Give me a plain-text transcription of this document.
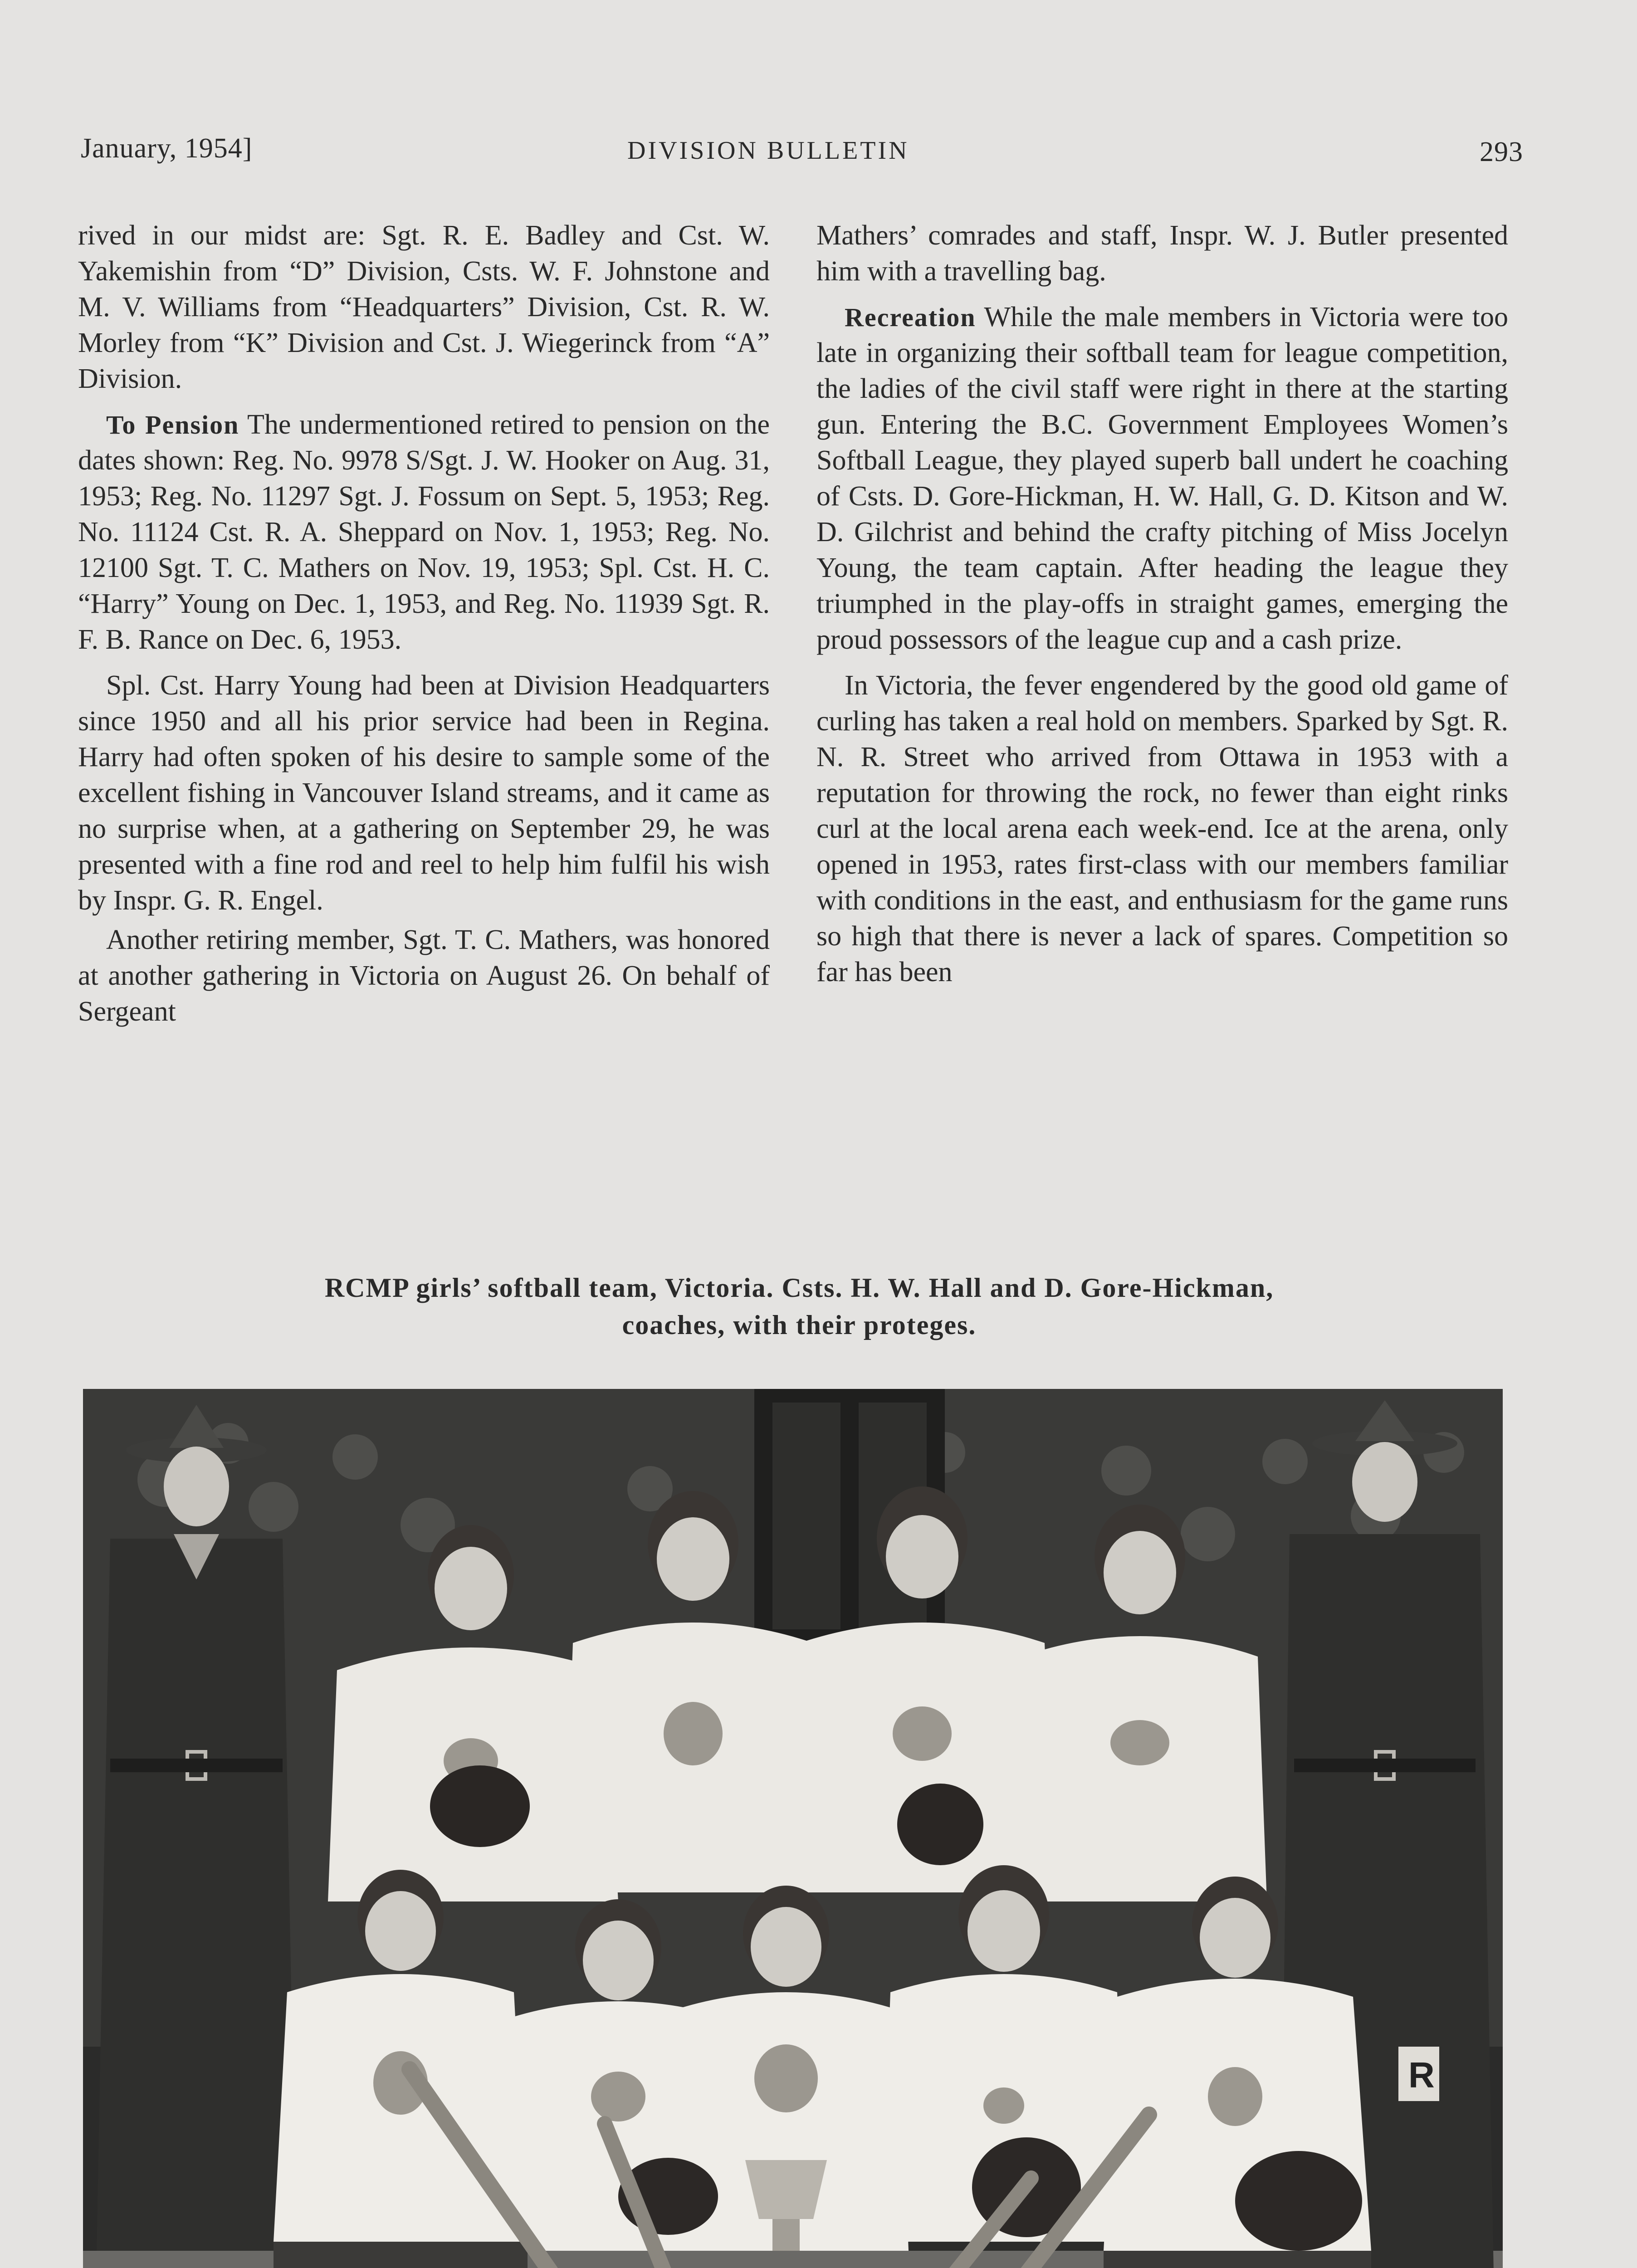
January, 1954]	DIVISION BULLETIN	293

rived in our midst are: Sgt. R. E. Badley and Cst. W. Yakemishin from “D” Division, Csts. W. F. Johnstone and M. V. Williams from “Headquarters” Division, Cst. R. W. Morley from “K” Division and Cst. J. Wiegerinck from “A” Division.

To Pension The undermentioned retired to pension on the dates shown: Reg. No. 9978 S/Sgt. J. W. Hooker on Aug. 31, 1953; Reg. No. 11297 Sgt. J. Fossum on Sept. 5, 1953; Reg. No. 11124 Cst. R. A. Sheppard on Nov. 1, 1953; Reg. No. 12100 Sgt. T. C. Mathers on Nov. 19, 1953; Spl. Cst. H. C. “Harry” Young on Dec. 1, 1953, and Reg. No. 11939 Sgt. R. F. B. Rance on Dec. 6, 1953.

Spl. Cst. Harry Young had been at Division Headquarters since 1950 and all his prior service had been in Regina. Harry had often spoken of his desire to sample some of the excellent fishing in Vancouver Island streams, and it came as no surprise when, at a gathering on September 29, he was presented with a fine rod and reel to help him fulfil his wish by Inspr. G. R. Engel.

Another retiring member, Sgt. T. C. Mathers, was honored at another gathering in Victoria on August 26. On behalf of Sergeant

Mathers’ comrades and staff, Inspr. W. J. Butler presented him with a travelling bag.

Recreation While the male members in Victoria were too late in organizing their softball team for league competition, the ladies of the civil staff were right in there at the starting gun. Entering the B.C. Government Employees Women’s Softball League, they played superb ball undert he coaching of Csts. D. Gore-Hickman, H. W. Hall, G. D. Kitson and W. D. Gilchrist and behind the crafty pitching of Miss Jocelyn Young, the team captain. After heading the league they triumphed in the play-offs in straight games, emerging the proud possessors of the league cup and a cash prize.

In Victoria, the fever engendered by the good old game of curling has taken a real hold on members. Sparked by Sgt. R. N. R. Street who arrived from Ottawa in 1953 with a reputation for throwing the rock, no fewer than eight rinks curl at the local arena each week-end. Ice at the arena, only opened in 1953, rates first-class with our members familiar with conditions in the east, and enthusiasm for the game runs so high that there is never a lack of spares. Competition so far has been

RCMP girls’ softball team, Victoria. Csts. H. W. Hall and D. Gore-Hickman,
coaches, with their proteges.
R
